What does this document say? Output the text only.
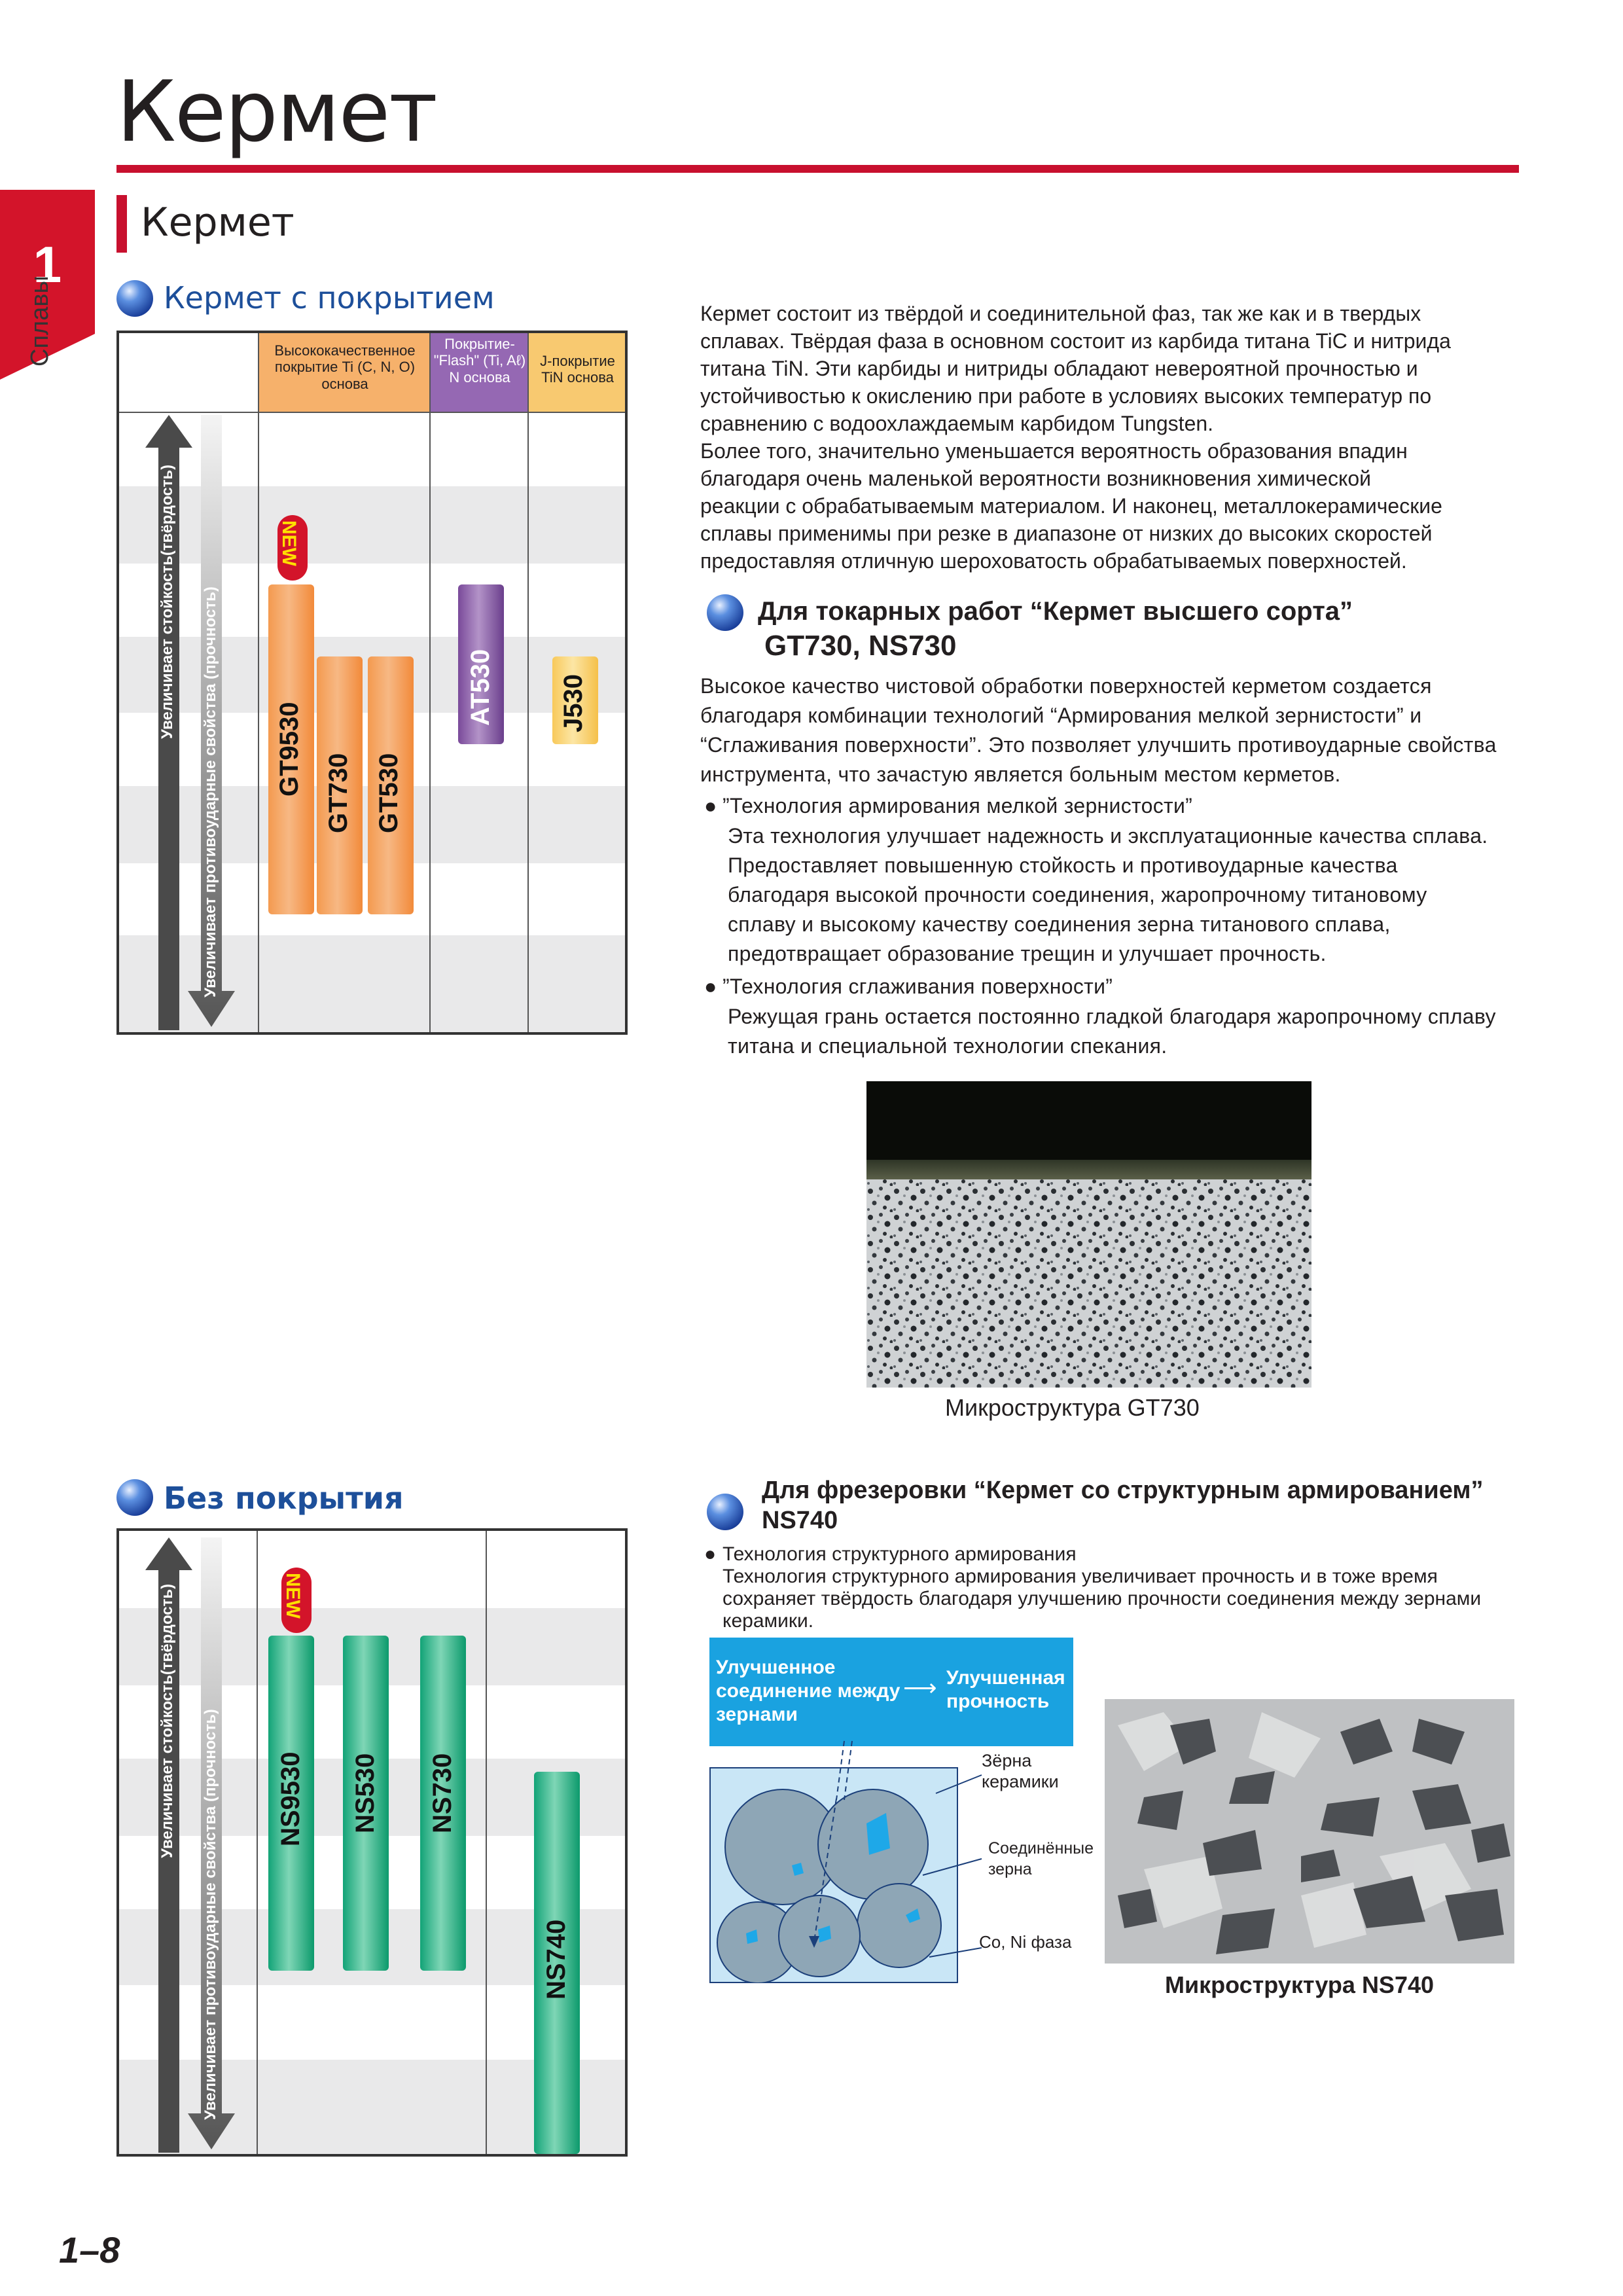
Кермет
1
Сплавы
Кермет
Кермет с покрытием
Высококачественное покрытие Ti (C, N, O) основа
Покрытие- "Flash" (Ti, Aℓ) N основа
J-покрытие TiN основа
Увеличивает стойкость(твёрдость) Увеличивает противоударные свойства (прочность)
NEW
GT9530 GT730 GT530
AT530 J530
Кермет состоит из твёрдой и соединительной фаз, так же как и в твердых
сплавах. Твёрдая фаза в основном состоит из карбида титана TiC и нитрида
титана TiN. Эти карбиды и нитриды обладают невероятной прочностью и
устойчивостью к окислению при работе в условиях высоких температур по
сравнению с водоохлаждаемым карбидом Tungsten.
Более того, значительно уменьшается вероятность образования впадин
благодаря очень маленькой вероятности возникновения химической
реакции с обрабатываемым материалом. И наконец, металлокерамические
сплавы применимы при резке в диапазоне от низких до высоких скоростей
предоставляя отличную шероховатость обрабатываемых поверхностей.
Для токарных работ “Кермет высшего сорта”
GT730, NS730
Высокое качество чистовой обработки поверхностей керметом создается
благодаря комбинации технологий “Армирования мелкой зернистости” и
“Сглаживания поверхности”. Это позволяет улучшить противоударные свойства
инструмента, что зачастую является больным местом керметов.
● ”Технология армирования мелкой зернистости”
Эта технология улучшает надежность и эксплуатационные качества сплава.
Предоставляет повышенную стойкость и противоударные качества
благодаря высокой прочности соединения, жаропрочному титановому
сплаву и высокому качеству соединения зерна титанового сплава,
предотвращает образование трещин и улучшает прочность.
● ”Технология сглаживания поверхности”
Режущая грань остается постоянно гладкой благодаря жаропрочному сплаву
титана и специальной технологии спекания.
Микроструктура GT730
Без покрытия
Увеличивает стойкость(твёрдость) Увеличивает противоударные свойства (прочность)
NEW
NS9530 NS530 NS730
NS740
Для фрезеровки “Кермет со структурным армированием”
NS740
● Технология структурного армирования
Технология структурного армирования увеличивает прочность и в тоже время
сохраняет твёрдость благодаря улучшению прочности соединения между зернами
керамики.
Улучшенное соединение между зернами
⟶ Улучшенная прочность
Зёрна керамики
Соединённые зерна
Co, Ni фаза
Микроструктура NS740
1–8
